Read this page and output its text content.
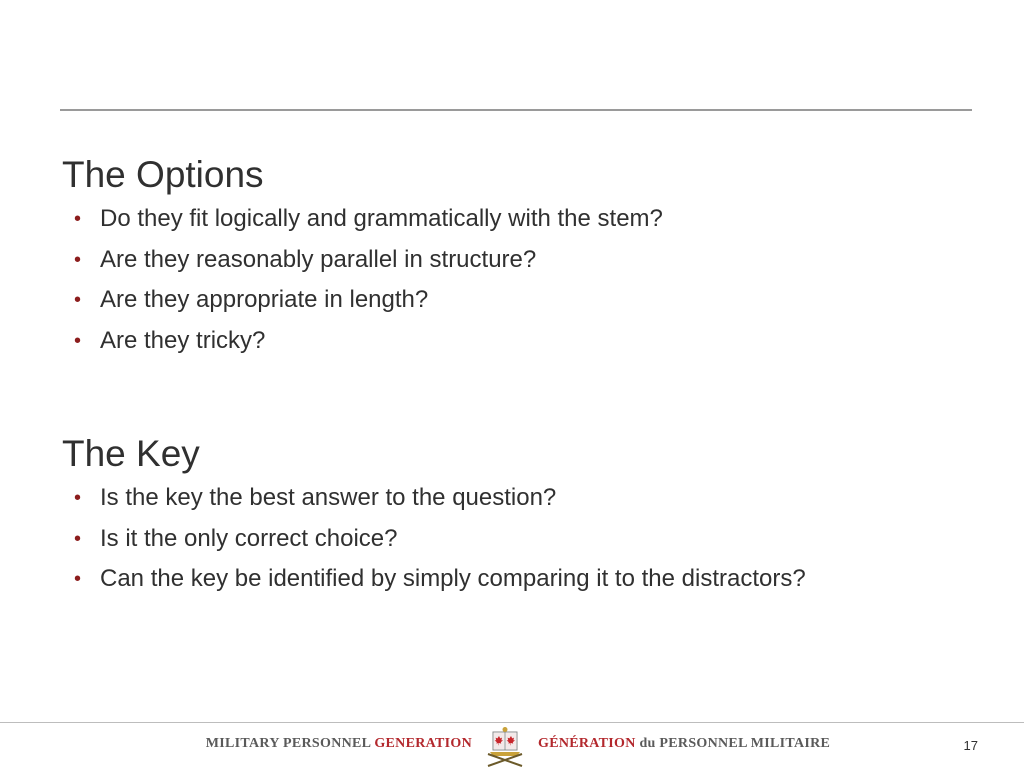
The Options
• Do they fit logically and grammatically with the stem?
• Are they reasonably parallel in structure?
• Are they appropriate in length?
• Are they tricky?
The Key
• Is the key the best answer to the question?
• Is it the only correct choice?
• Can the key be identified by simply comparing it to the distractors?
MILITARY PERSONNEL GENERATION	GÉNÉRATION du PERSONNEL MILITAIRE	17
